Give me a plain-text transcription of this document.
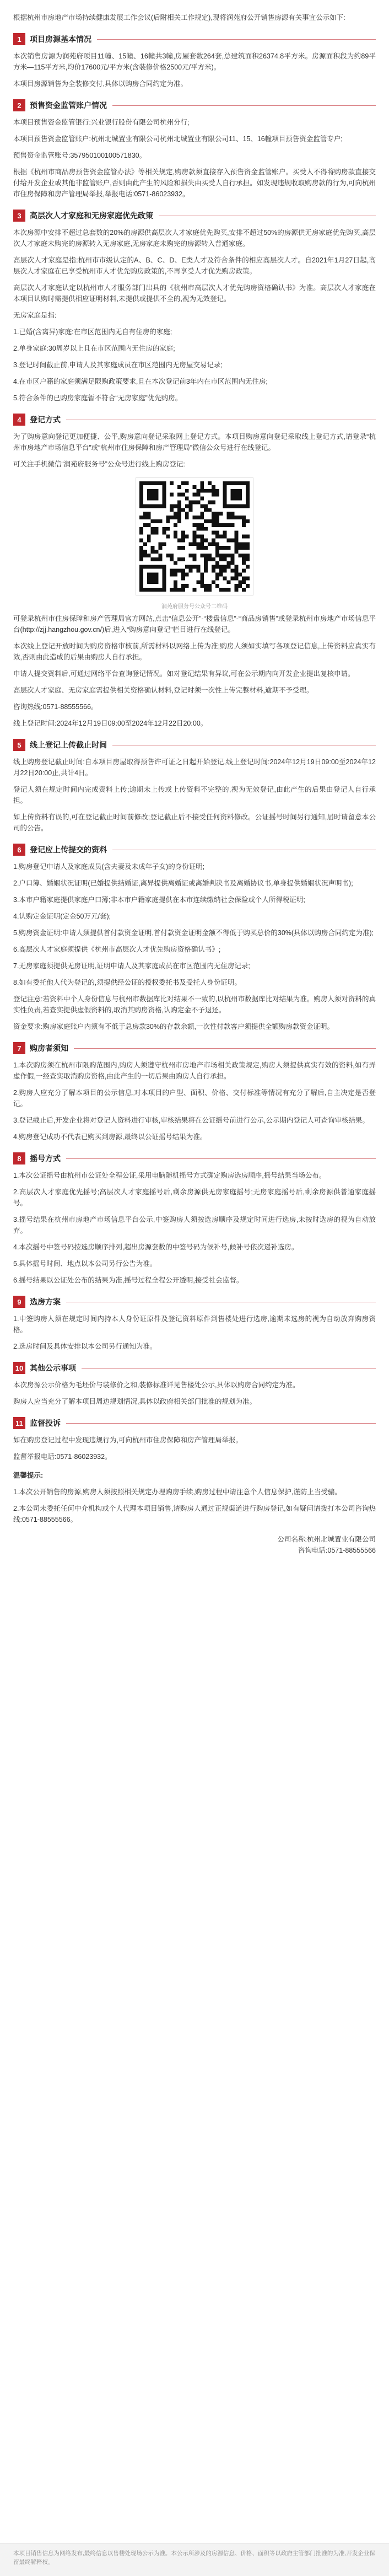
根据杭州市房地产市场持续健康发展工作会议(后附相关工作规定),现将润苑府公开销售房源有关事宜公示如下:

1	项目房源基本情况

本次销售房源为润苑府项目11幢、15幢、16幢共3幢,房屋套数264套,总建筑面积26374.8平方米。房源面积段为约89平方米—115平方米,均价17600元/平方米(含装修价格2500元/平方米)。

本项目房源销售为全装修交付,具体以购房合同约定为准。

2	预售资金监管账户情况

本项目预售资金监管银行:兴业银行股份有限公司杭州分行;

本项目预售资金监管账户:杭州北城置业有限公司杭州北城置业有限公司11、15、16幢项目预售资金监管专户;

预售资金监管账号:357950100100571830。

根据《杭州市商品房预售资金监管办法》等相关规定,购房款须直接存入预售资金监管账户。买受人不得将购房款直接交付给开发企业或其他非监管账户,否则由此产生的风险和损失由买受人自行承担。如发现违规收取购房款的行为,可向杭州市住房保障和房产管理局举报,举报电话:0571-86023932。

3	高层次人才家庭和无房家庭优先政策

本次房源中安排不超过总套数的20%的房源供高层次人才家庭优先购买,安排不超过50%的房源供无房家庭优先购买,高层次人才家庭未购完的房源转入无房家庭,无房家庭未购完的房源转入普通家庭。

高层次人才家庭是指:杭州市市级认定的A、B、C、D、E类人才及符合条件的相应高层次人才。自2021年1月27日起,高层次人才家庭在已享受杭州市人才优先购房政策的,不再享受人才优先购房政策。

高层次人才家庭认定以杭州市人才服务部门出具的《杭州市高层次人才优先购房资格确认书》为准。高层次人才家庭在本项目认购时需提供相应证明材料,未提供或提供不全的,视为无效登记。

无房家庭是指:

1.已婚(含离异)家庭:在市区范围内无自有住房的家庭;

2.单身家庭:30周岁以上且在市区范围内无住房的家庭;

3.登记时间截止前,申请人及其家庭成员在市区范围内无房屋交易记录;

4.在市区户籍的家庭须满足限购政策要求,且在本次登记前3年内在市区范围内无住房;

5.符合条件的已购房家庭暂不符合“无房家庭”优先购房。

4	登记方式

为了购房意向登记更加便捷、公平,购房意向登记采取网上登记方式。本项目购房意向登记采取线上登记方式,请登录“杭州市房地产市场信息平台”或“杭州市住房保障和房产管理局”微信公众号进行在线登记。

可关注手机微信“润苑府服务号”公众号进行线上购房登记:

润苑府服务号公众号二维码

可登录杭州市住房保障和房产管理局官方网站,点击“信息公开”-“楼盘信息”-“商品房销售”或登录杭州市房地产市场信息平台(http://zjj.hangzhou.gov.cn/)后,进入“购房意向登记”栏目进行在线登记。

本次线上登记开放时间为购房资格审核前,所需材料以网络上传为准;购房人须如实填写各项登记信息,上传资料应真实有效,否则由此造成的后果由购房人自行承担。

申请人提交资料后,可通过网络平台查询登记情况。如对登记结果有异议,可在公示期内向开发企业提出复核申请。

高层次人才家庭、无房家庭需提供相关资格确认材料,登记时须一次性上传完整材料,逾期不予受理。

咨询热线:0571-88555566。

线上登记时间:2024年12月19日09:00至2024年12月22日20:00。

5	线上登记上传截止时间

线上购房登记截止时间:自本项目房屋取得预售许可证之日起开始登记,线上登记时间:2024年12月19日09:00至2024年12月22日20:00止,共计4日。

登记人须在规定时间内完成资料上传;逾期未上传或上传资料不完整的,视为无效登记,由此产生的后果由登记人自行承担。

如上传资料有误的,可在登记截止时间前修改;登记截止后不接受任何资料修改。公证摇号时间另行通知,届时请留意本公司的公告。

6	登记应上传提交的资料

1.购房登记申请人及家庭成员(含夫妻及未成年子女)的身份证明;

2.户口簿、婚姻状况证明(已婚提供结婚证,离异提供离婚证或离婚判决书及离婚协议书,单身提供婚姻状况声明书);

3.本市户籍家庭提供家庭户口簿;非本市户籍家庭提供在本市连续缴纳社会保险或个人所得税证明;

4.认购定金证明(定金50万元/套);

5.购房资金证明:申请人须提供首付款资金证明,首付款资金证明金额不得低于购买总价的30%(具体以购房合同约定为准);

6.高层次人才家庭须提供《杭州市高层次人才优先购房资格确认书》;

7.无房家庭须提供无房证明,证明申请人及其家庭成员在市区范围内无住房记录;

8.如有委托他人代为登记的,须提供经公证的授权委托书及受托人身份证明。

登记注意:若资料中个人身份信息与杭州市数据库比对结果不一致的,以杭州市数据库比对结果为准。购房人须对资料的真实性负责,若查实提供虚假资料的,取消其购房资格,认购定金不予退还。

资金要求:购房家庭账户内须有不低于总房款30%的存款余额,一次性付款客户须提供全额购房款资金证明。

7	购房者须知

1.本次购房须在杭州市限购范围内,购房人须遵守杭州市房地产市场相关政策规定,购房人须提供真实有效的资料,如有弄虚作假,一经查实取消购房资格,由此产生的一切后果由购房人自行承担。

2.购房人应充分了解本项目的公示信息,对本项目的户型、面积、价格、交付标准等情况有充分了解后,自主决定是否登记。

3.登记截止后,开发企业将对登记人资料进行审核,审核结果将在公证摇号前进行公示,公示期内登记人可查询审核结果。

4.购房登记成功不代表已购买到房源,最终以公证摇号结果为准。

8	摇号方式

1.本次公证摇号由杭州市公证处全程公证,采用电脑随机摇号方式确定购房选房顺序,摇号结果当场公布。

2.高层次人才家庭优先摇号;高层次人才家庭摇号后,剩余房源供无房家庭摇号;无房家庭摇号后,剩余房源供普通家庭摇号。

3.摇号结果在杭州市房地产市场信息平台公示,中签购房人须按选房顺序及规定时间进行选房,未按时选房的视为自动放弃。

4.本次摇号中签号码按选房顺序排列,超出房源套数的中签号码为候补号,候补号依次递补选房。

5.具体摇号时间、地点以本公司另行公告为准。

6.摇号结果以公证处公布的结果为准,摇号过程全程公开透明,接受社会监督。

9	选房方案

1.中签购房人须在规定时间内持本人身份证原件及登记资料原件到售楼处进行选房,逾期未选房的视为自动放弃购房资格。

2.选房时间及具体安排以本公司另行通知为准。

10 其他公示事项

本次房源公示价格为毛坯价与装修价之和,装修标准详见售楼处公示,具体以购房合同约定为准。

购房人应当充分了解本项目周边规划情况,具体以政府相关部门批准的规划为准。

11 监督投诉

如在购房登记过程中发现违规行为,可向杭州市住房保障和房产管理局举报。

监督举报电话:0571-86023932。

温馨提示:

1.本次公开销售的房源,购房人须按照相关规定办理购房手续,购房过程中请注意个人信息保护,谨防上当受骗。

2.本公司未委托任何中介机构或个人代理本项目销售,请购房人通过正规渠道进行购房登记,如有疑问请拨打本公司咨询热线:0571-88555566。

公司名称: 杭州北城置业有限公司
咨询电话: 0571-88555566
本项目销售信息为网络发布,最终信息以售楼处现场公示为准。本公示所涉及的房源信息、价格、面积等以政府主管部门批准的为准,开发企业保留最终解释权。
